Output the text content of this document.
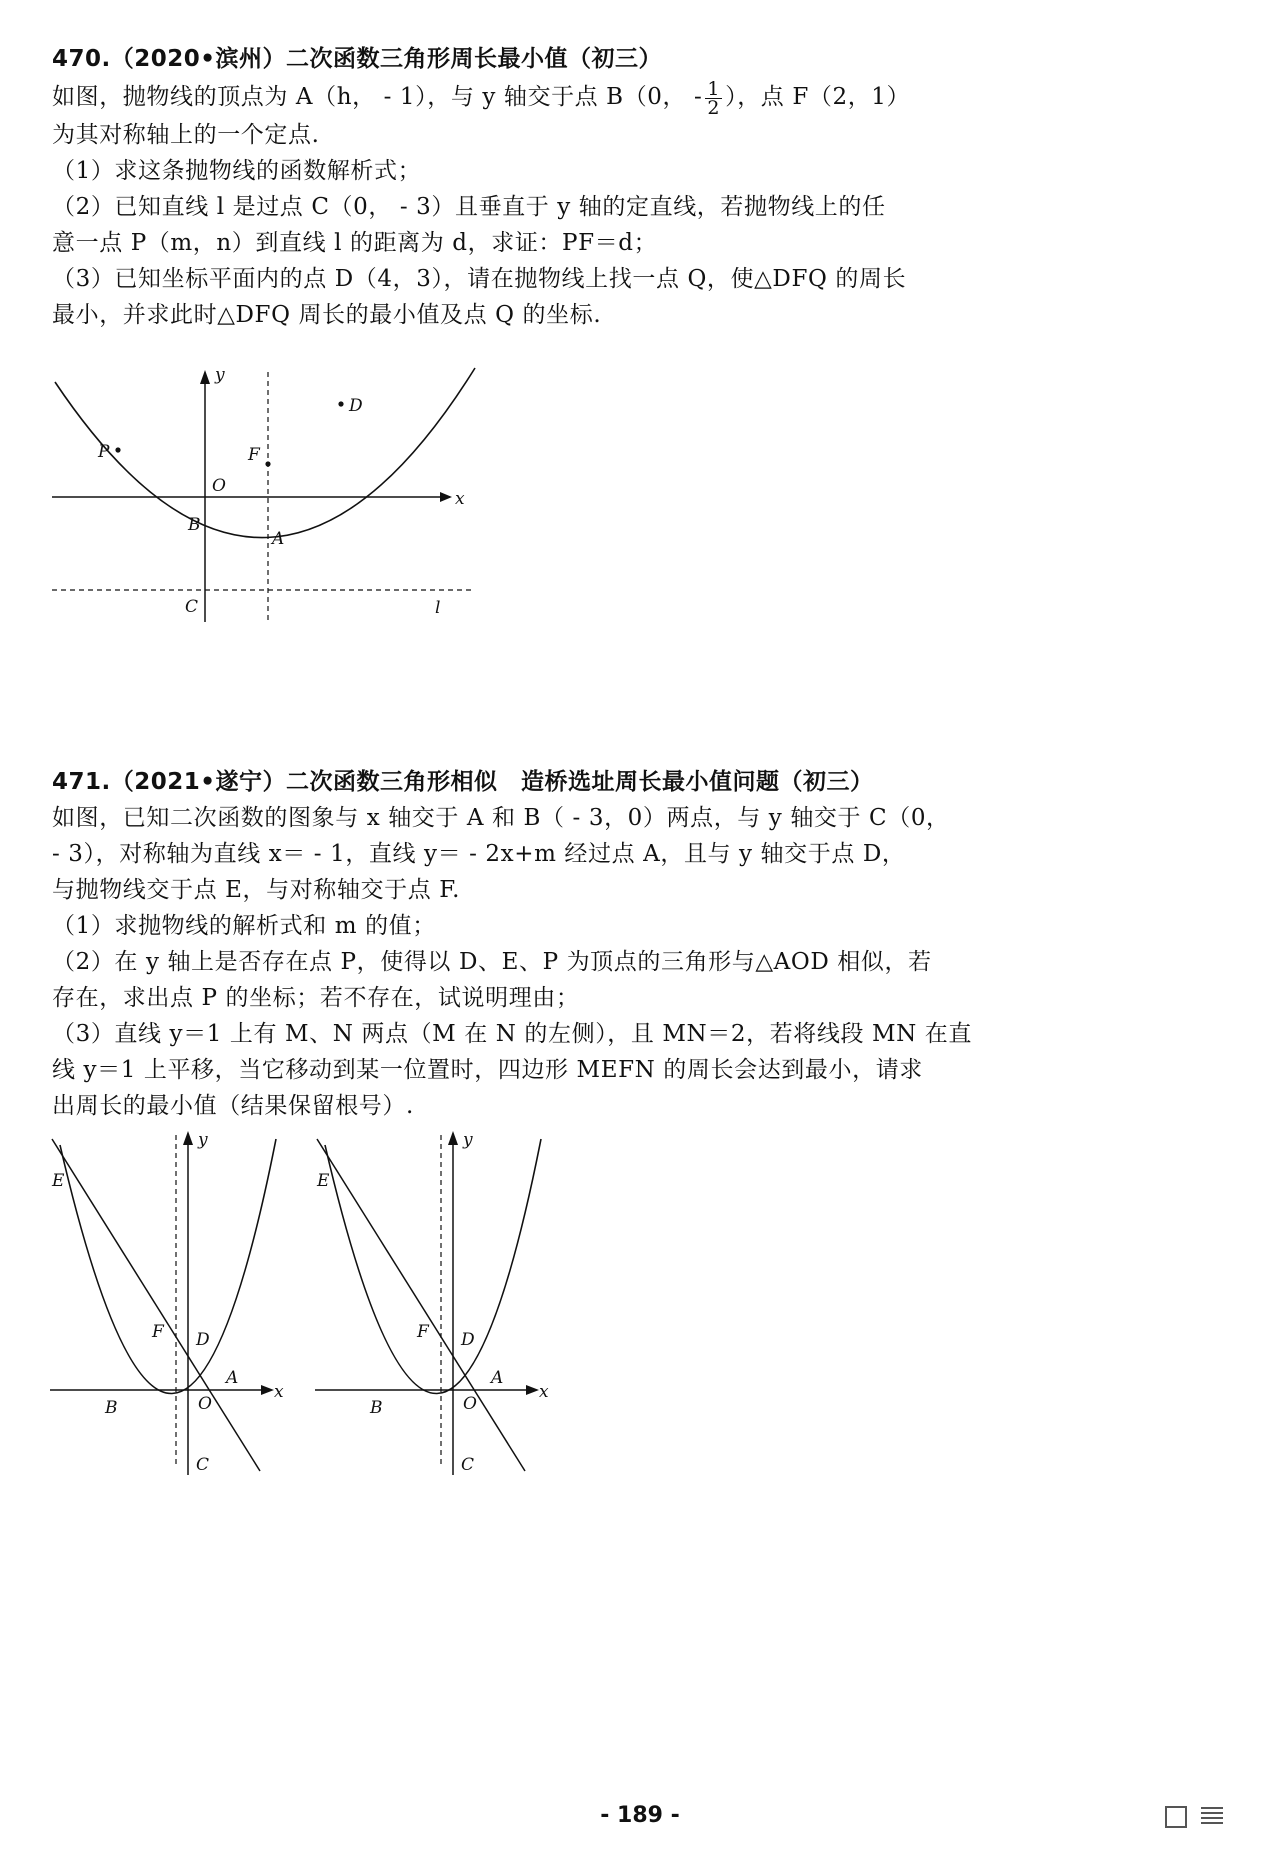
470.（2020•滨州）二次函数三角形周长最小值（初三）
如图，抛物线的顶点为 A（h， - 1），与 y 轴交于点 B（0， - $\frac{1}{2}$ ），点 F（2，1）
为其对称轴上的一个定点.
（1）求这条抛物线的函数解析式；
（2）已知直线 l 是过点 C（0， - 3）且垂直于 y 轴的定直线，若抛物线上的任
意一点 P（m，n）到直线 l 的距离为 d，求证：PF＝d；
（3）已知坐标平面内的点 D（4，3），请在抛物线上找一点 Q，使△DFQ 的周长
最小，并求此时△DFQ 周长的最小值及点 Q 的坐标.
y
x
O
D
F
P
B
A
C	l
471.（2021•遂宁）二次函数三角形相似　造桥选址周长最小值问题（初三）
如图，已知二次函数的图象与 x 轴交于 A 和 B（ - 3，0）两点，与 y 轴交于 C（0，
- 3），对称轴为直线 x＝ - 1，直线 y＝ - 2x+m 经过点 A，且与 y 轴交于点 D，
与抛物线交于点 E，与对称轴交于点 F.
（1）求抛物线的解析式和 m 的值；
（2）在 y 轴上是否存在点 P，使得以 D、E、P 为顶点的三角形与△AOD 相似，若
存在，求出点 P 的坐标；若不存在，试说明理由；
（3）直线 y＝1 上有 M、N 两点（M 在 N 的左侧），且 MN＝2，若将线段 MN 在直
线 y＝1 上平移，当它移动到某一位置时，四边形 MEFN 的周长会达到最小，请求
出周长的最小值（结果保留根号）.
y
x
E
F D
A
B	O
C
y
x
E
F D
A
B	O
C
- 189 -
